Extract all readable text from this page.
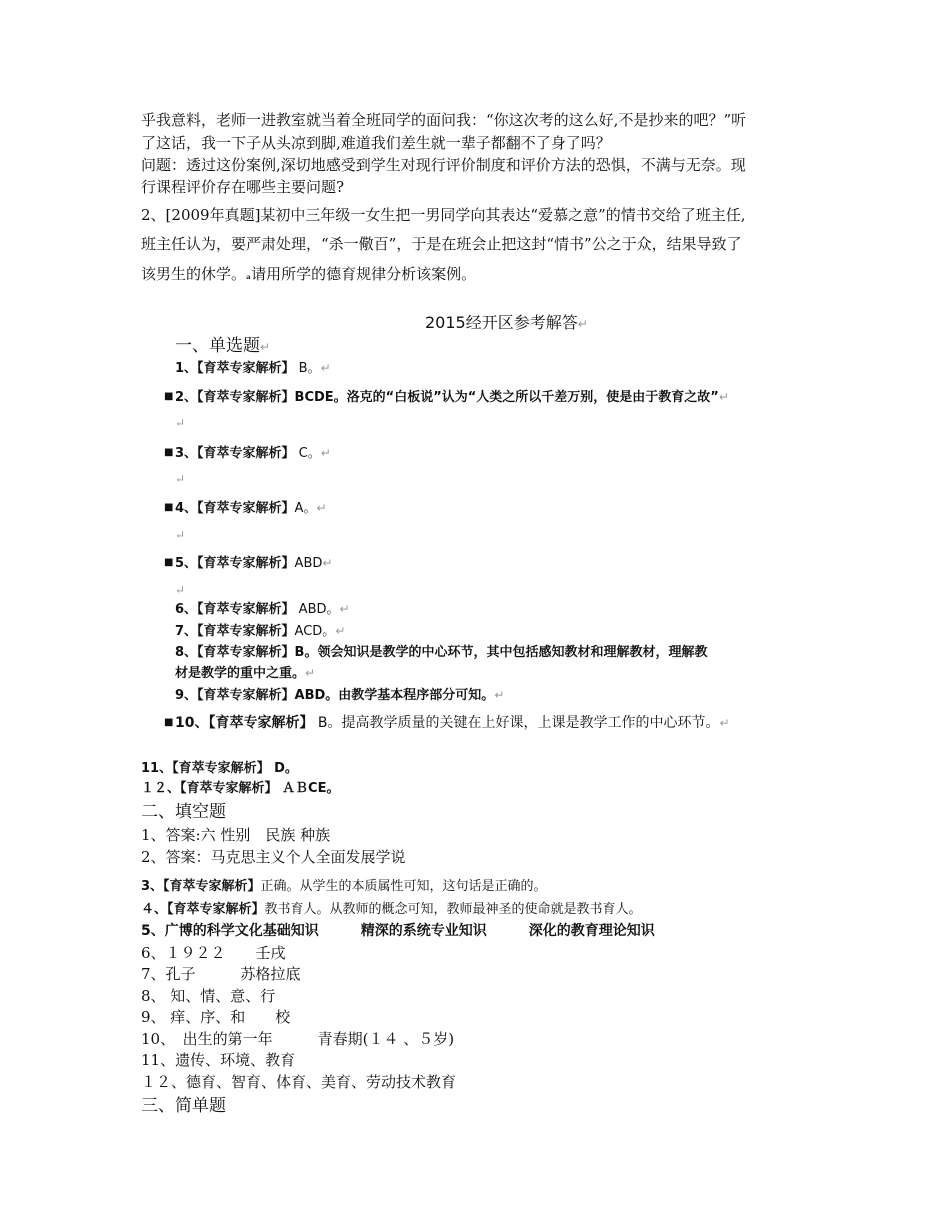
乎我意料，老师一进教室就当着全班同学的面问我：“你这次考的这么好,不是抄来的吧？”听
了这话，我一下子从头凉到脚,难道我们差生就一辈子都翻不了身了吗？
问题：透过这份案例,深切地感受到学生对现行评价制度和评价方法的恐惧，不满与无奈。现
行课程评价存在哪些主要问题?
2、[2009年真题]某初中三年级一女生把一男同学向其表达“爱慕之意”的情书交给了班主任,
班主任认为，要严肃处理，“杀一儆百”，于是在班会止把这封“情书”公之于众，结果导致了
该男生的休学。ₐ请用所学的德育规律分析该案例。
2015经开区参考解答↵
一、单选题↵
1、【育萃专家解析】 B。↵
■ 2、【育萃专家解析】BCDE。洛克的“白板说”认为“人类之所以千差万别，使是由于教育之故”↵
↵
■ 3、【育萃专家解析】 C。↵
↵
■ 4、【育萃专家解析】A。↵
↵
■ 5、【育萃专家解析】ABD↵
↵
6、【育萃专家解析】 ABD。↵
7、【育萃专家解析】ACD。↵
8、【育萃专家解析】B。领会知识是教学的中心环节，其中包括感知教材和理解教材，理解教
材是教学的重中之重。↵
9、【育萃专家解析】ABD。由教学基本程序部分可知。↵
■ 10、【育萃专家解析】 B。提高教学质量的关键在上好课，上课是教学工作的中心环节。↵
11、【育萃专家解析】 D。
１２、【育萃专家解析】 ＡＢCE。
二、填空题
1、答案:六 性别　民族 种族
2、答案：马克思主义个人全面发展学说
3、【育萃专家解析】正确。从学生的本质属性可知，这句话是正确的。
４、【育萃专家解析】教书育人。从教师的概念可知，教师最神圣的使命就是教书育人。
5、广博的科学文化基础知识　　　精深的系统专业知识　　　深化的教育理论知识
6、１９２２　　壬戌
7、孔子　　　苏格拉底
8、 知、情、意、行
9、 痒、序、和　　校
10、　出生的第一年　　　青春期(１４ 、５岁)
11、遗传、环境、教育
１２、德育、智育、体育、美育、劳动技术教育
三、简单题
